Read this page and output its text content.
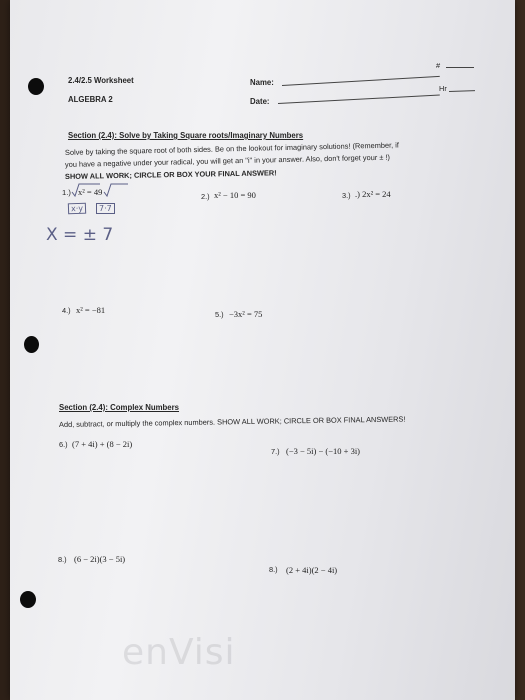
#
2.4/2.5 Worksheet	Name:
Hr
ALGEBRA 2	Date:
Section (2.4): Solve by Taking Square roots/Imaginary Numbers
Solve by taking the square root of both sides. Be on the lookout for imaginary solutions! (Remember, if
you have a negative under your radical, you will get an "i" in your answer. Also, don't forget your ± !)
SHOW ALL WORK; CIRCLE OR BOX YOUR FINAL ANSWER!
1.) x² = 49
x·y	7·7
X = ± 7
2.) x² − 10 = 90	3.) .) 2x² = 24
4.) x² = −81	5.) −3x² = 75
Section (2.4): Complex Numbers
Add, subtract, or multiply the complex numbers. SHOW ALL WORK; CIRCLE OR BOX FINAL ANSWERS!
6.) (7 + 4i) + (8 − 2i)
7.) (−3 − 5i) − (−10 + 3i)
8.) (6 − 2i)(3 − 5i)
8.) (2 + 4i)(2 − 4i)
enVisi
